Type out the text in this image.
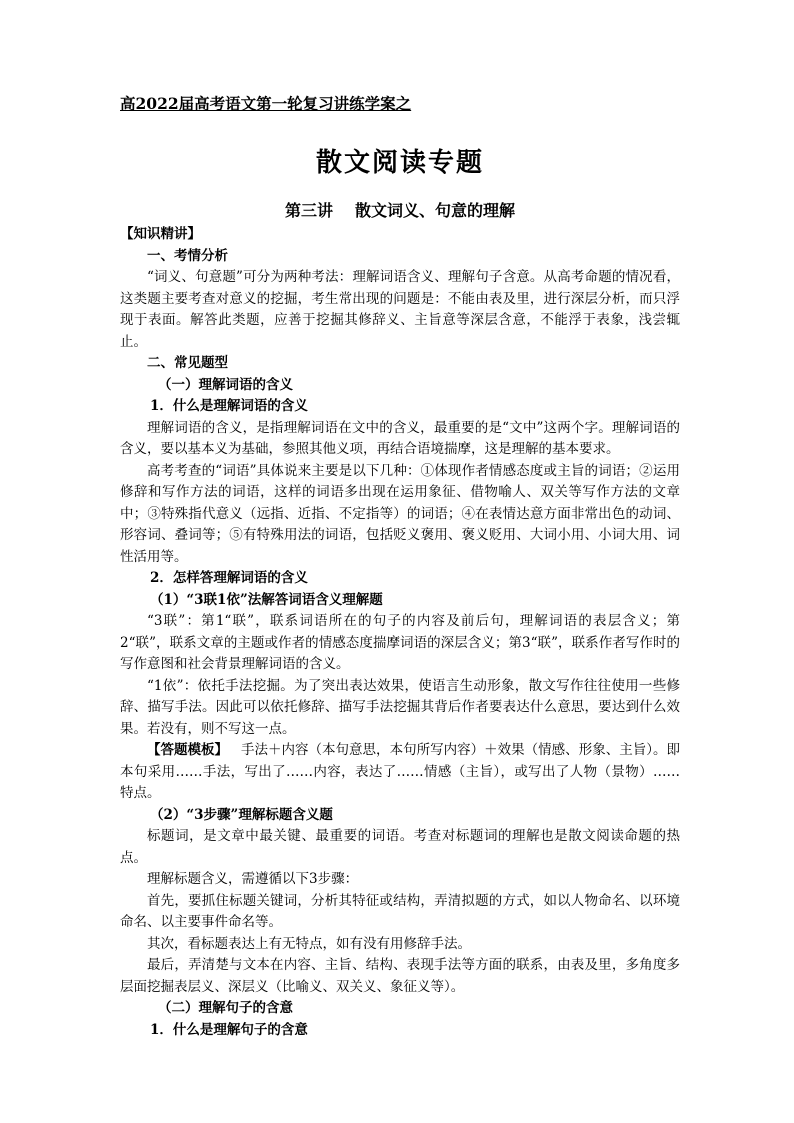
高2022届高考语文第一轮复习讲练学案之

散文阅读专题
第三讲 散文词义、句意的理解

【知识精讲】

一、考情分析

“词义、句意题”可分为两种考法：理解词语含义、理解句子含意。从高考命题的情况看，这类题主要考查对意义的挖掘，考生常出现的问题是：不能由表及里，进行深层分析，而只浮现于表面。解答此类题，应善于挖掘其修辞义、主旨意等深层含意，不能浮于表象，浅尝辄止。

二、常见题型

（一）理解词语的含义

1．什么是理解词语的含义

理解词语的含义，是指理解词语在文中的含义，最重要的是“文中”这两个字。理解词语的含义，要以基本义为基础，参照其他义项，再结合语境揣摩，这是理解的基本要求。

高考考查的“词语”具体说来主要是以下几种：①体现作者情感态度或主旨的词语；②运用修辞和写作方法的词语，这样的词语多出现在运用象征、借物喻人、双关等写作方法的文章中；③特殊指代意义（远指、近指、不定指等）的词语；④在表情达意方面非常出色的动词、形容词、叠词等；⑤有特殊用法的词语，包括贬义褒用、褒义贬用、大词小用、小词大用、词性活用等。

2．怎样答理解词语的含义

（1）“3联1依”法解答词语含义理解题

“3联”：第1“联”，联系词语所在的句子的内容及前后句，理解词语的表层含义；第2“联”，联系文章的主题或作者的情感态度揣摩词语的深层含义；第3“联”，联系作者写作时的写作意图和社会背景理解词语的含义。

“1依”：依托手法挖掘。为了突出表达效果，使语言生动形象，散文写作往往使用一些修辞、描写手法。因此可以依托修辞、描写手法挖掘其背后作者要表达什么意思，要达到什么效果。若没有，则不写这一点。

【答题模板】 手法＋内容（本句意思，本句所写内容）＋效果（情感、形象、主旨）。即本句采用……手法，写出了……内容，表达了……情感（主旨），或写出了人物（景物）……特点。

（2）“3步骤”理解标题含义题

标题词，是文章中最关键、最重要的词语。考查对标题词的理解也是散文阅读命题的热点。

理解标题含义，需遵循以下3步骤：

首先，要抓住标题关键词，分析其特征或结构，弄清拟题的方式，如以人物命名、以环境命名、以主要事件命名等。

其次，看标题表达上有无特点，如有没有用修辞手法。

最后，弄清楚与文本在内容、主旨、结构、表现手法等方面的联系，由表及里，多角度多层面挖掘表层义、深层义（比喻义、双关义、象征义等）。

（二）理解句子的含意

1．什么是理解句子的含意
